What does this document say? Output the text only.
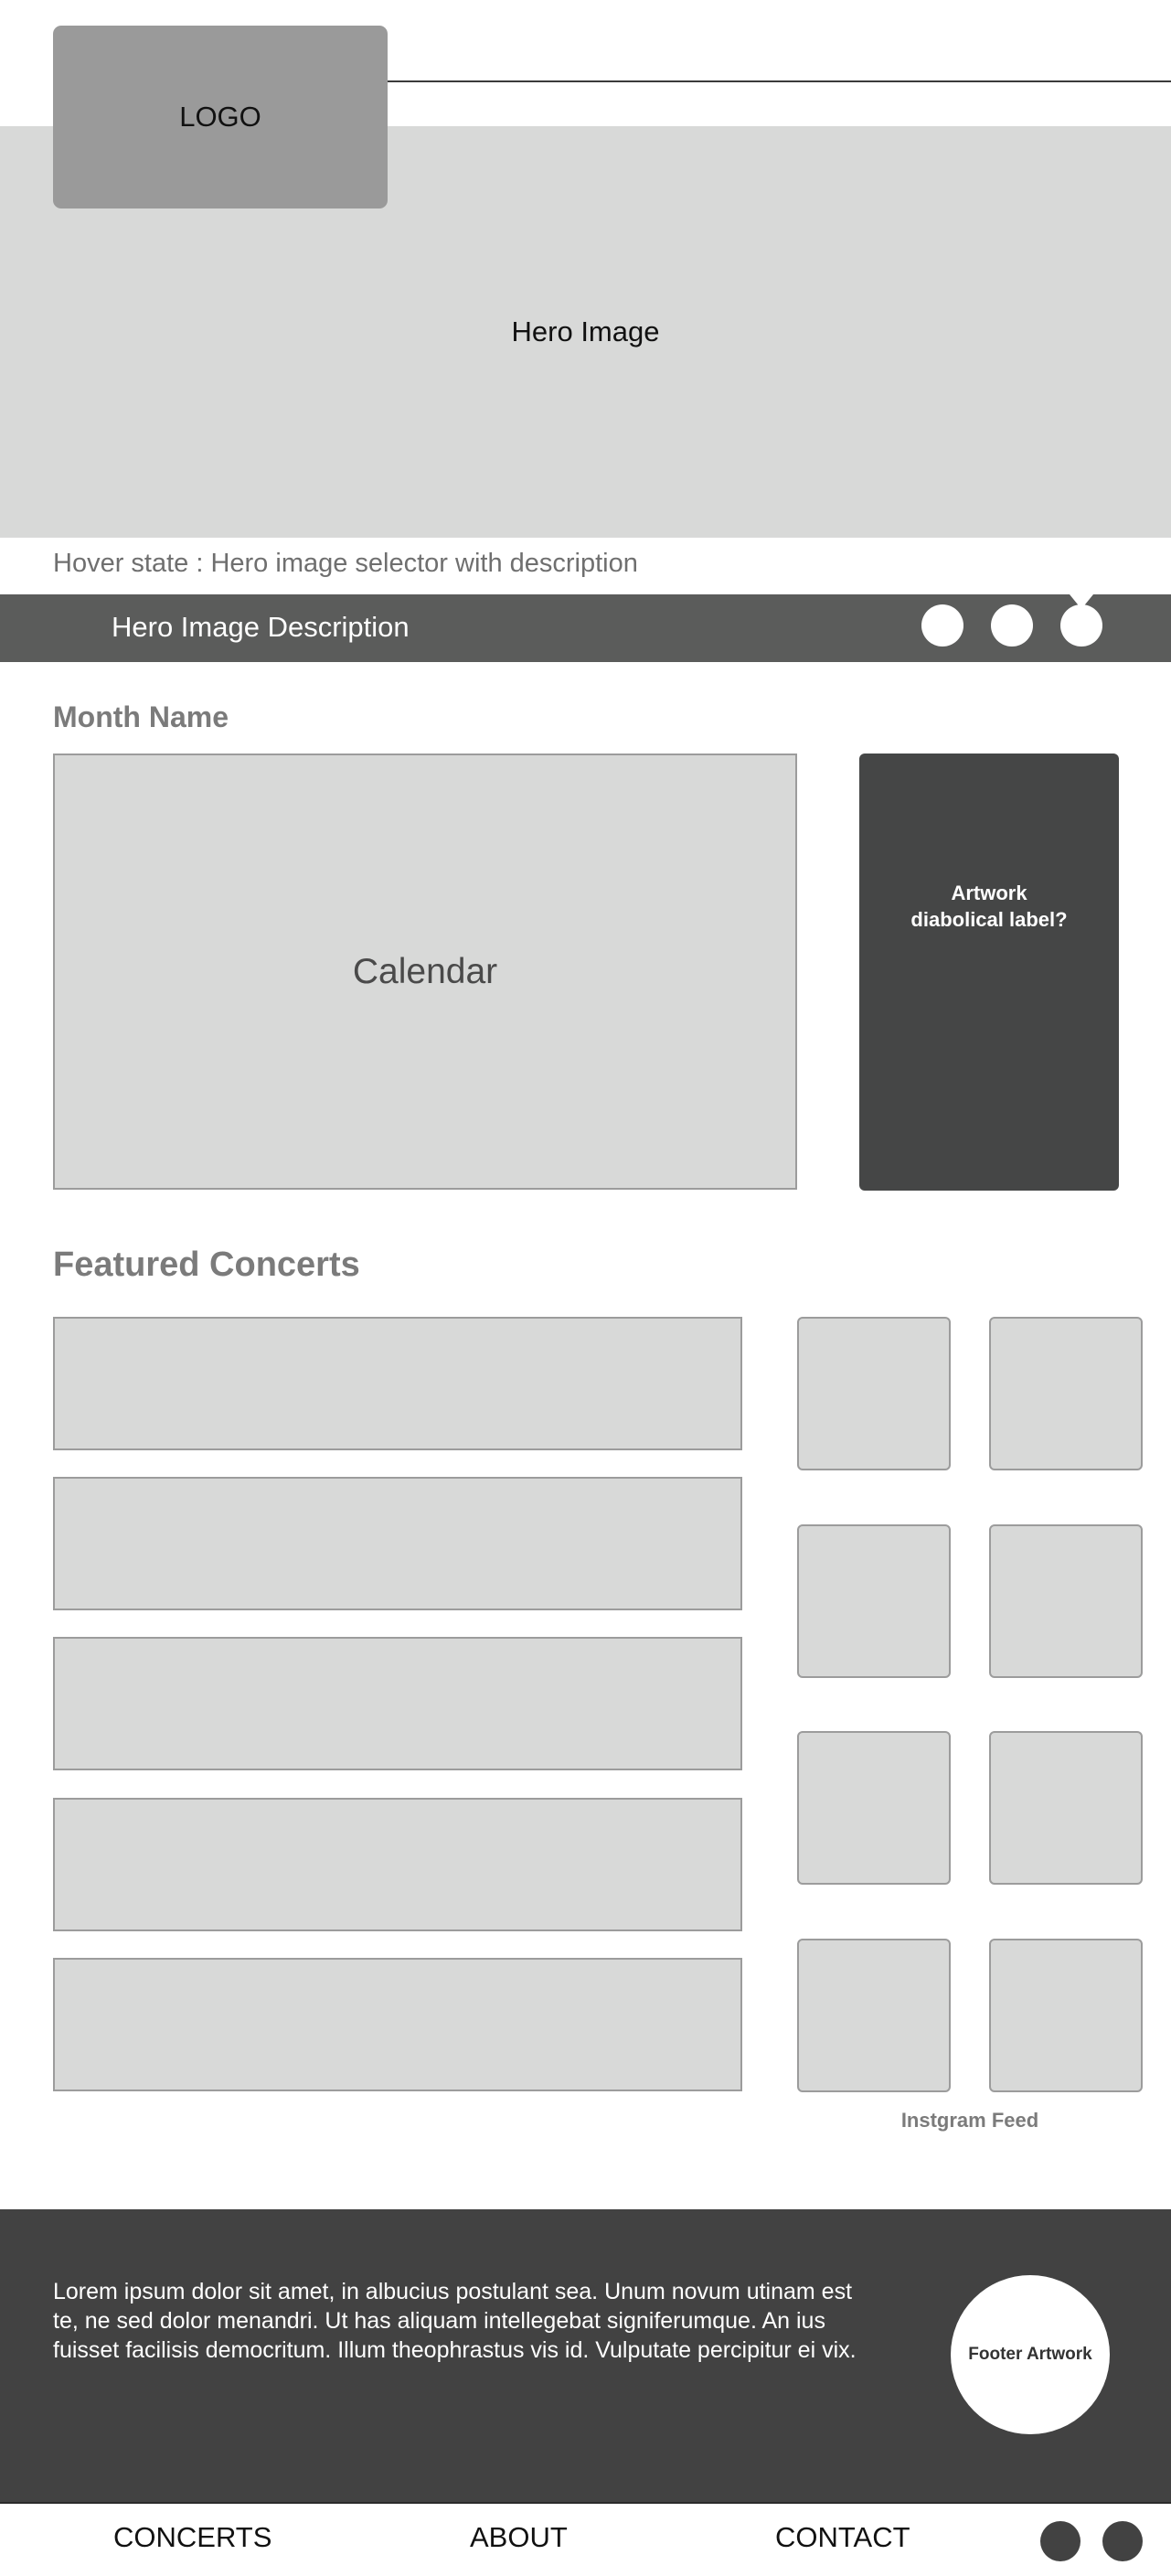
Hero Image
LOGO
Hover state : Hero image selector with description
Hero Image Description
Month Name
Calendar
Artwork
diabolical label?
Featured Concerts
Instgram Feed
Lorem ipsum dolor sit amet, in albucius postulant sea. Unum novum utinam est te, ne sed dolor menandri. Ut has aliquam intellegebat signiferumque. An ius fuisset facilisis democritum. Illum theophrastus vis id. Vulputate percipitur ei vix.	Footer Artwork
CONCERTS	ABOUT	CONTACT
